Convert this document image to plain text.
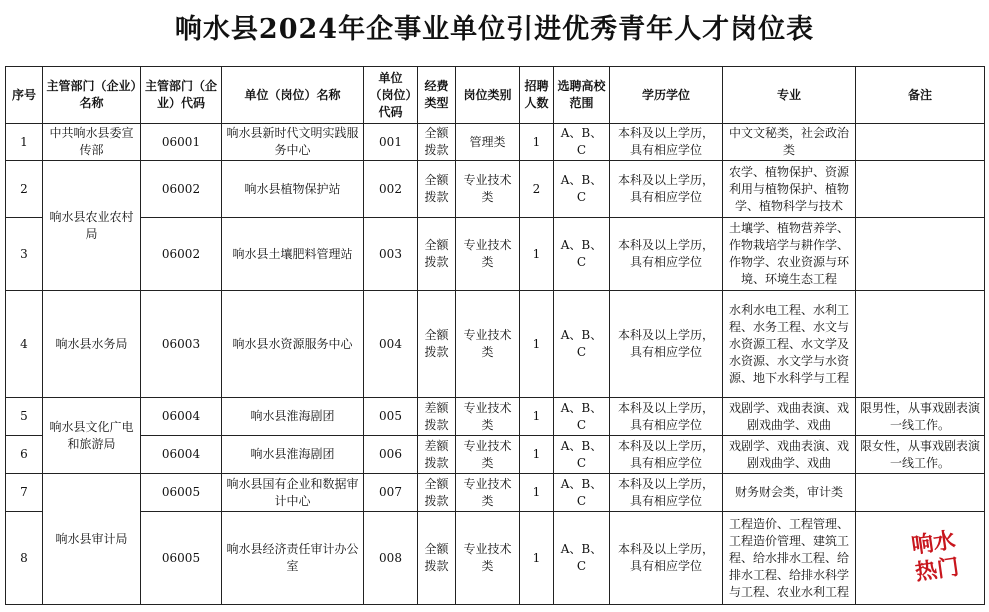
响水县2024年企事业单位引进优秀青年人才岗位表
序号	主管部门（企业）名称	主管部门（企业）代码	单位（岗位）名称	单位（岗位）代码	经费类型	岗位类别	招聘人数	选聘高校范围	学历学位	专业	备注
1	中共响水县委宣传部	06001	响水县新时代文明实践服务中心	001	全额拨款	管理类	1	A、B、C	本科及以上学历，具有相应学位	中文文秘类，社会政治类	
2	响水县农业农村局	06002	响水县植物保护站	002	全额拨款	专业技术类	2	A、B、C	本科及以上学历，具有相应学位	农学、植物保护、资源利用与植物保护、植物学、植物科学与技术	
3		06002	响水县土壤肥料管理站	003	全额拨款	专业技术类	1	A、B、C	本科及以上学历，具有相应学位	土壤学、植物营养学、作物栽培学与耕作学、作物学、农业资源与环境、环境生态工程	
4	响水县水务局	06003	响水县水资源服务中心	004	全额拨款	专业技术类	1	A、B、C	本科及以上学历，具有相应学位	水利水电工程、水利工程、水务工程、水文与水资源工程、水文学及水资源、水文学与水资源、地下水科学与工程	
5	响水县文化广电和旅游局	06004	响水县淮海剧团	005	差额拨款	专业技术类	1	A、B、C	本科及以上学历，具有相应学位	戏剧学、戏曲表演、戏剧戏曲学、戏曲	限男性，从事戏剧表演一线工作。
6		06004	响水县淮海剧团	006	差额拨款	专业技术类	1	A、B、C	本科及以上学历，具有相应学位	戏剧学、戏曲表演、戏剧戏曲学、戏曲	限女性，从事戏剧表演一线工作。
7	响水县审计局	06005	响水县国有企业和数据审计中心	007	全额拨款	专业技术类	1	A、B、C	本科及以上学历，具有相应学位	财务财会类，审计类	
8		06005	响水县经济责任审计办公室	008	全额拨款	专业技术类	1	A、B、C	本科及以上学历，具有相应学位	工程造价、工程管理、工程造价管理、建筑工程、给水排水工程、给排水工程、给排水科学与工程、农业水利工程	
响水
热门
